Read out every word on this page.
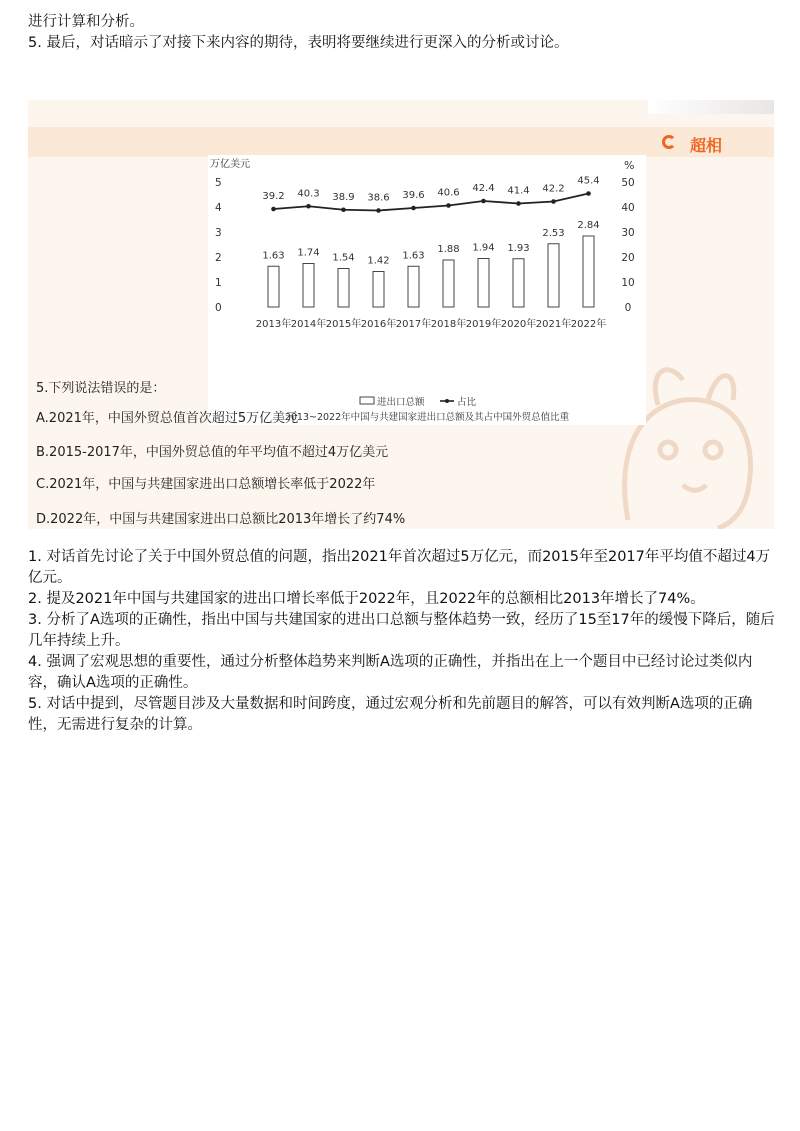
进行计算和分析。
5. 最后，对话暗示了对接下来内容的期待，表明将要继续进行更深入的分析或讨论。
超相
万亿美元	%
0
1
2
3
4
5
0
10
20
30
40
50
1.63 1.74 1.54 1.42 1.63
1.88 1.94 1.93
2.53
2.84
39.2 40.3 38.9 38.6 39.6 40.6 42.4 41.4 42.2
45.4
2013年 2014年 2015年 2016年 2017年 2018年 2019年 2020年 2021年 2022年
进出口总额	占比
2013~2022年中国与共建国家进出口总额及其占中国外贸总值比重
5.下列说法错误的是：
A.2021年，中国外贸总值首次超过5万亿美元
B.2015-2017年，中国外贸总值的年平均值不超过4万亿美元
C.2021年，中国与共建国家进出口总额增长率低于2022年
D.2022年，中国与共建国家进出口总额比2013年增长了约74%
1. 对话首先讨论了关于中国外贸总值的问题，指出2021年首次超过5万亿元，而2015年至2017年平均值不超过4万亿元。
2. 提及2021年中国与共建国家的进出口增长率低于2022年，且2022年的总额相比2013年增长了74%。
3. 分析了A选项的正确性，指出中国与共建国家的进出口总额与整体趋势一致，经历了15至17年的缓慢下降后，随后几年持续上升。
4. 强调了宏观思想的重要性，通过分析整体趋势来判断A选项的正确性，并指出在上一个题目中已经讨论过类似内容，确认A选项的正确性。
5. 对话中提到，尽管题目涉及大量数据和时间跨度，通过宏观分析和先前题目的解答，可以有效判断A选项的正确性，无需进行复杂的计算。
